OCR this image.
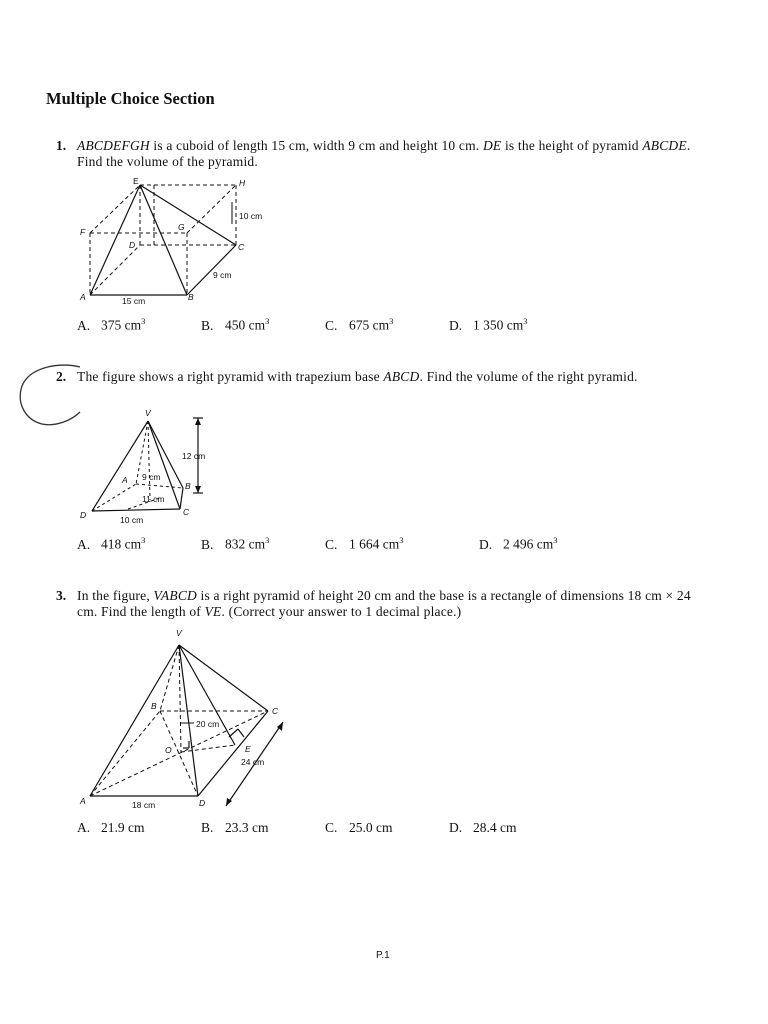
Multiple Choice Section
1. ABCDEFGH is a cuboid of length 15 cm, width 9 cm and height 10 cm. DE is the height of pyramid ABCDE. Find the volume of the pyramid.
E	H
F	G
D	C
A	B
10 cm
9 cm
15 cm
A. 375 $cm^3$	B. 450 $cm^3$	C. 675 $cm^3$	D. 1 350 $cm^3$
2. The figure shows a right pyramid with trapezium base ABCD. Find the volume of the right pyramid.
V
A
B
C
D
12 cm
9 cm
11 cm
10 cm
A. 418 $cm^3$	B. 832 $cm^3$	C. 1 664 $cm^3$	D. 2 496 $cm^3$
3. In the figure, VABCD is a right pyramid of height 20 cm and the base is a rectangle of dimensions 18 cm × 24 cm. Find the length of VE. (Correct your answer to 1 decimal place.)
V
B	C
O	E
A	D
20 cm
24 cm
18 cm
A. 21.9 cm	B. 23.3 cm	C. 25.0 cm	D. 28.4 cm
P.1
